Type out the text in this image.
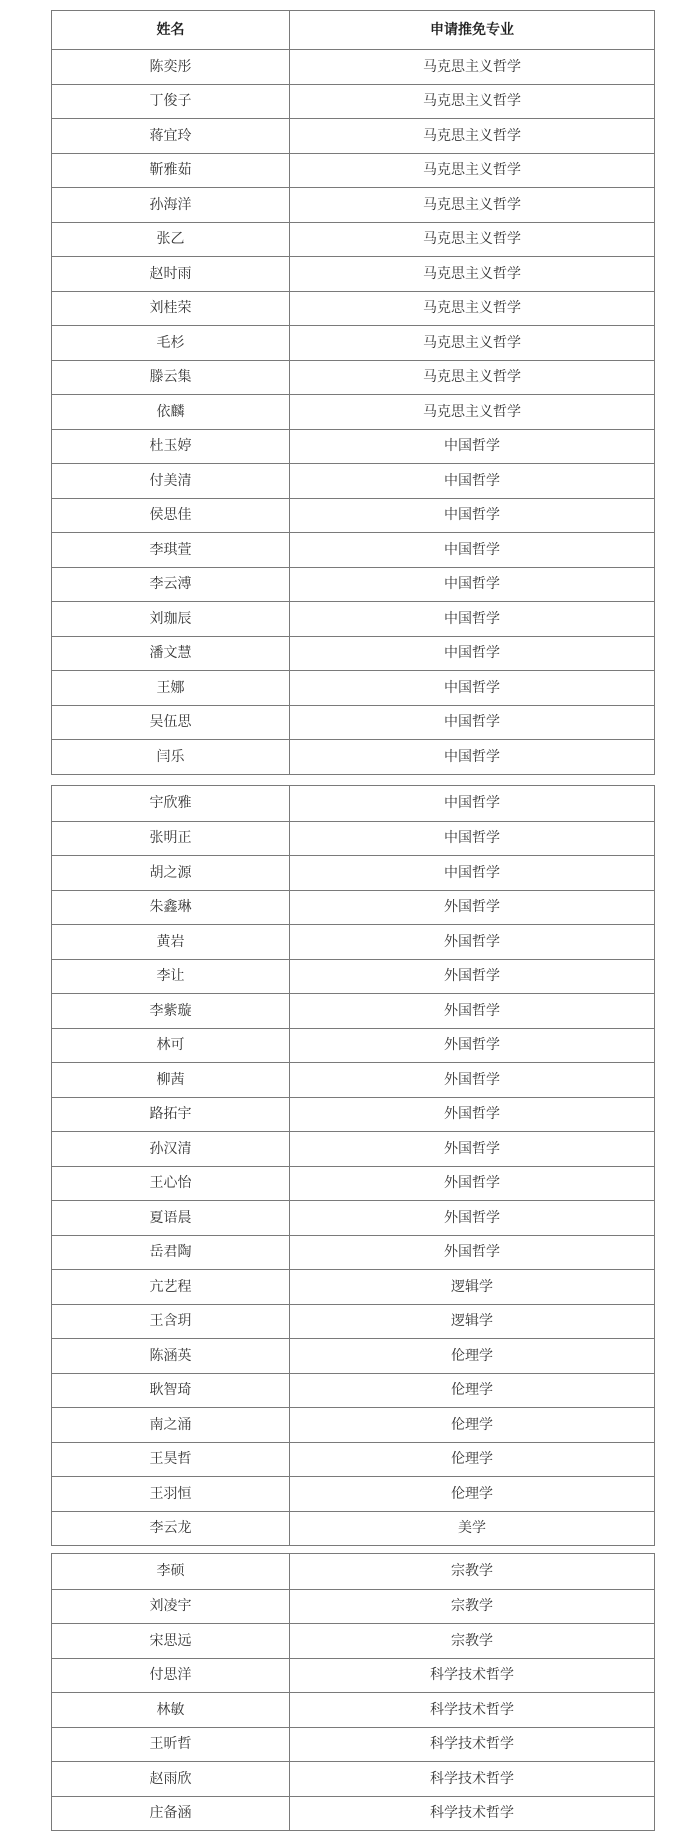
姓名	申请推免专业
陈奕彤	马克思主义哲学
丁俊子	马克思主义哲学
蒋宜玲	马克思主义哲学
靳雅茹	马克思主义哲学
孙海洋	马克思主义哲学
张乙	马克思主义哲学
赵时雨	马克思主义哲学
刘桂荣	马克思主义哲学
毛杉	马克思主义哲学
滕云集	马克思主义哲学
依麟	马克思主义哲学
杜玉婷	中国哲学
付美清	中国哲学
侯思佳	中国哲学
李琪萱	中国哲学
李云溥	中国哲学
刘珈辰	中国哲学
潘文慧	中国哲学
王娜	中国哲学
吴伍思	中国哲学
闫乐	中国哲学
宇欣雅	中国哲学
张明正	中国哲学
胡之源	中国哲学
朱鑫琳	外国哲学
黄岩	外国哲学
李让	外国哲学
李紫璇	外国哲学
林可	外国哲学
柳茜	外国哲学
路拓宇	外国哲学
孙汉清	外国哲学
王心怡	外国哲学
夏语晨	外国哲学
岳君陶	外国哲学
亢艺程	逻辑学
王含玥	逻辑学
陈涵英	伦理学
耿智琦	伦理学
南之涌	伦理学
王昊哲	伦理学
王羽恒	伦理学
李云龙	美学
李硕	宗教学
刘凌宇	宗教学
宋思远	宗教学
付思洋	科学技术哲学
林敏	科学技术哲学
王昕哲	科学技术哲学
赵雨欣	科学技术哲学
庄备涵	科学技术哲学
